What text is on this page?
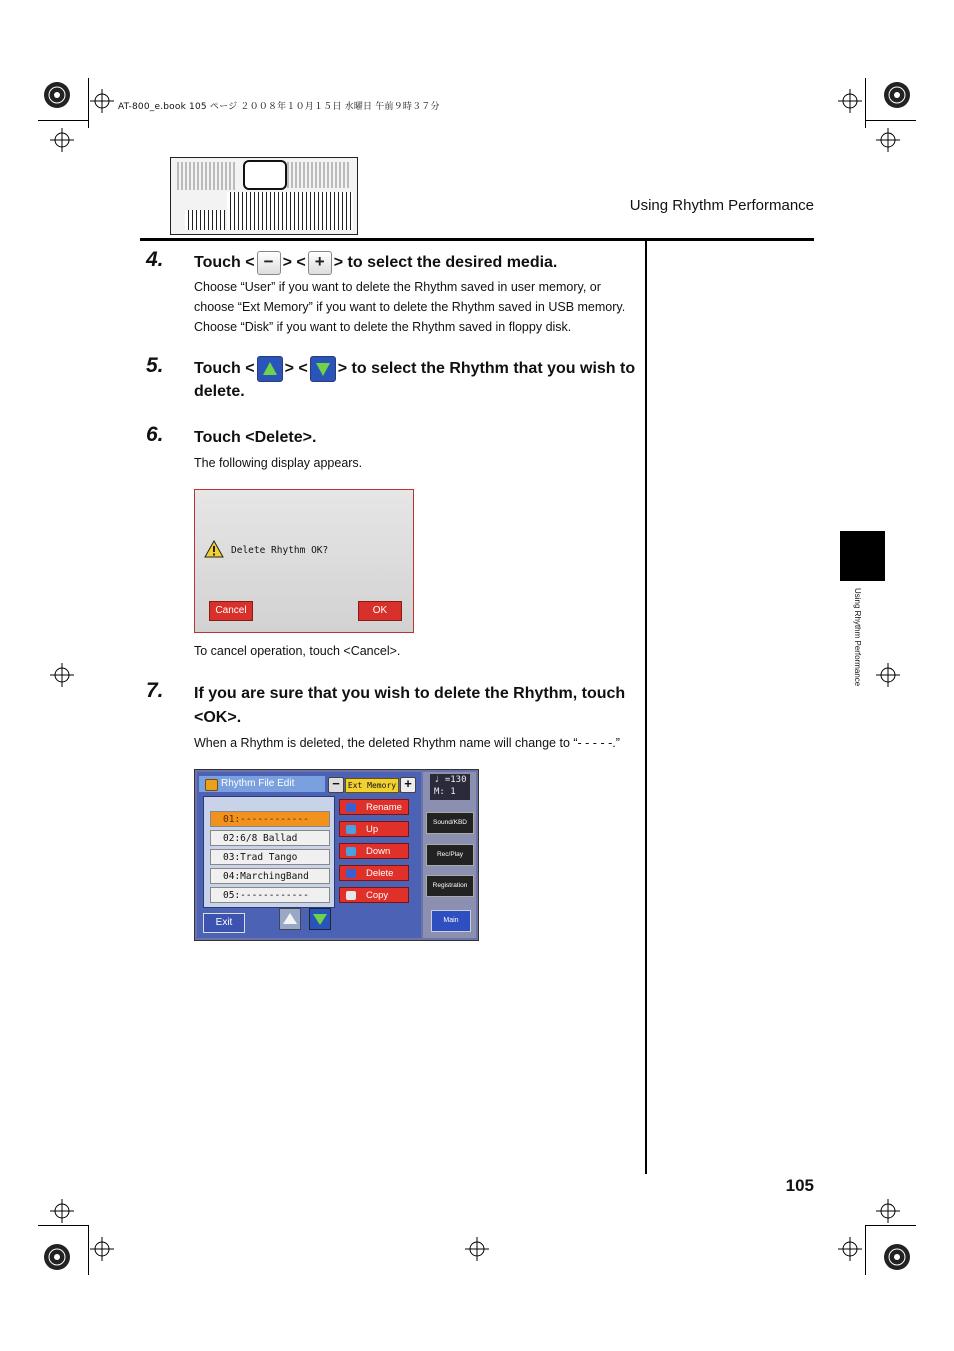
AT-800_e.book 105 ページ ２００８年１０月１５日 水曜日 午前９時３７分
Using Rhythm Performance
Using Rhythm Performance
4. Touch < − > < + > to select the desired media.
Choose “User” if you want to delete the Rhythm saved in user memory, or
choose “Ext Memory” if you want to delete the Rhythm saved in USB memory.
Choose “Disk” if you want to delete the Rhythm saved in floppy disk.
5. Touch < > < > to select the Rhythm that you wish to
delete.
6. Touch <Delete>.
The following display appears.
Delete Rhythm OK?
Cancel	OK
To cancel operation, touch <Cancel>.
7. If you are sure that you wish to delete the Rhythm, touch
<OK>.
When a Rhythm is deleted, the deleted Rhythm name will change to “- - - - -.”
Rhythm File Edit	−	Ext Memory +
01:------------
02:6/8 Ballad
03:Trad Tango
04:MarchingBand
05:------------
Rename
Up
Down
Delete
Copy
Exit
♩ =130
M: 1
Sound/KBD
Rec/Play
Registration
Main
105
